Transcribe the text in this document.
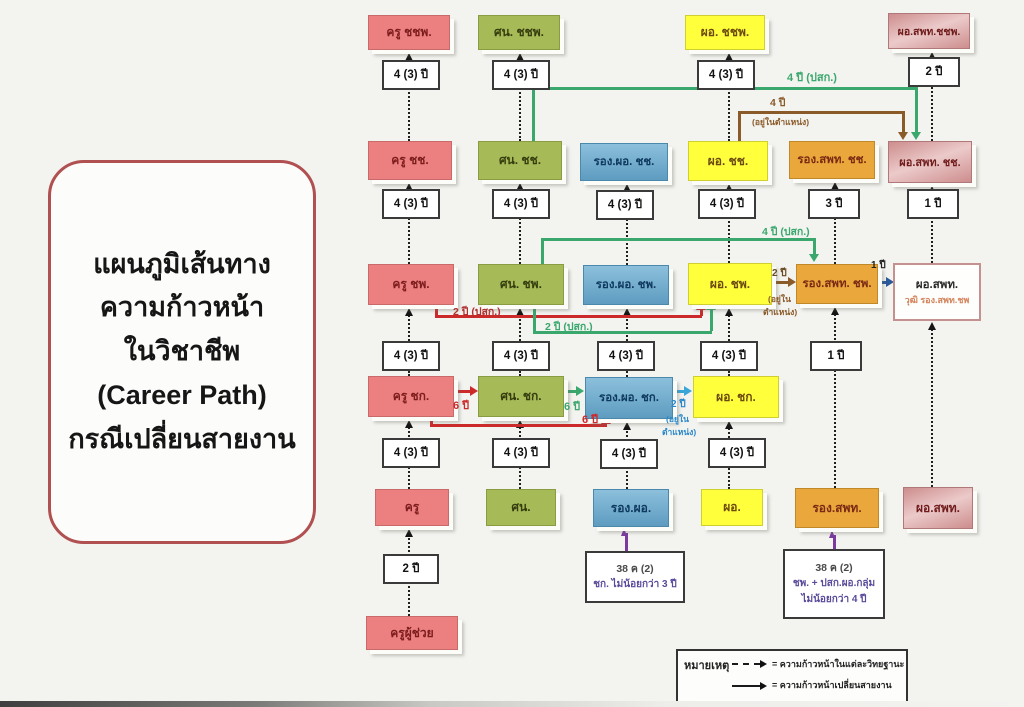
แผนภูมิเส้นทาง
ความก้าวหน้า
ในวิชาชีพ
(Career Path)
กรณีเปลี่ยนสายงาน
ครู ชชพ.	ศน. ชชพ.	ผอ. ชชพ.	ผอ.สพท.ชชพ.
4 (3) ปี	4 (3) ปี	4 (3) ปี	2 ปี
ครู ชช.	ศน. ชช.	รอง.ผอ. ชช.	ผอ. ชช.	รอง.สพท. ชช.	ผอ.สพท. ชช.
4 (3) ปี	4 (3) ปี	4 (3) ปี	4 (3) ปี	3 ปี	1 ปี
ครู ชพ.	ศน. ชพ.	รอง.ผอ. ชพ.	ผอ. ชพ.	รอง.สพท. ชพ.	ผอ.สพท.
วุฒิ รอง.สพท.ชพ
4 (3) ปี	4 (3) ปี	4 (3) ปี	4 (3) ปี	1 ปี
ครู ชก.	ศน. ชก.	รอง.ผอ. ชก.	ผอ. ชก.
4 (3) ปี	4 (3) ปี	4 (3) ปี	4 (3) ปี
ครู	ศน.	รอง.ผอ.	ผอ.	รอง.สพท.	ผอ.สพท.
2 ปี	38 ค (2)
ชก. ไม่น้อยกว่า 3 ปี
38 ค (2)
ชพ. + ปสก.ผอ.กลุ่ม
ไม่น้อยกว่า 4 ปี
ครูผู้ช่วย
6 ปี	6 ปี	2 ปี
(อยู่ใน
ตำแหน่ง)
6 ปี
2 ปี (ปสก.)
2 ปี (ปสก.)
4 ปี (ปสก.)
2 ปี
(อยู่ใน
ตำแหน่ง)
1 ปี
4 ปี (ปสก.)
4 ปี
(อยู่ในตำแหน่ง)
หมายเหตุ	= ความก้าวหน้าในแต่ละวิทยฐานะ
= ความก้าวหน้าเปลี่ยนสายงาน
